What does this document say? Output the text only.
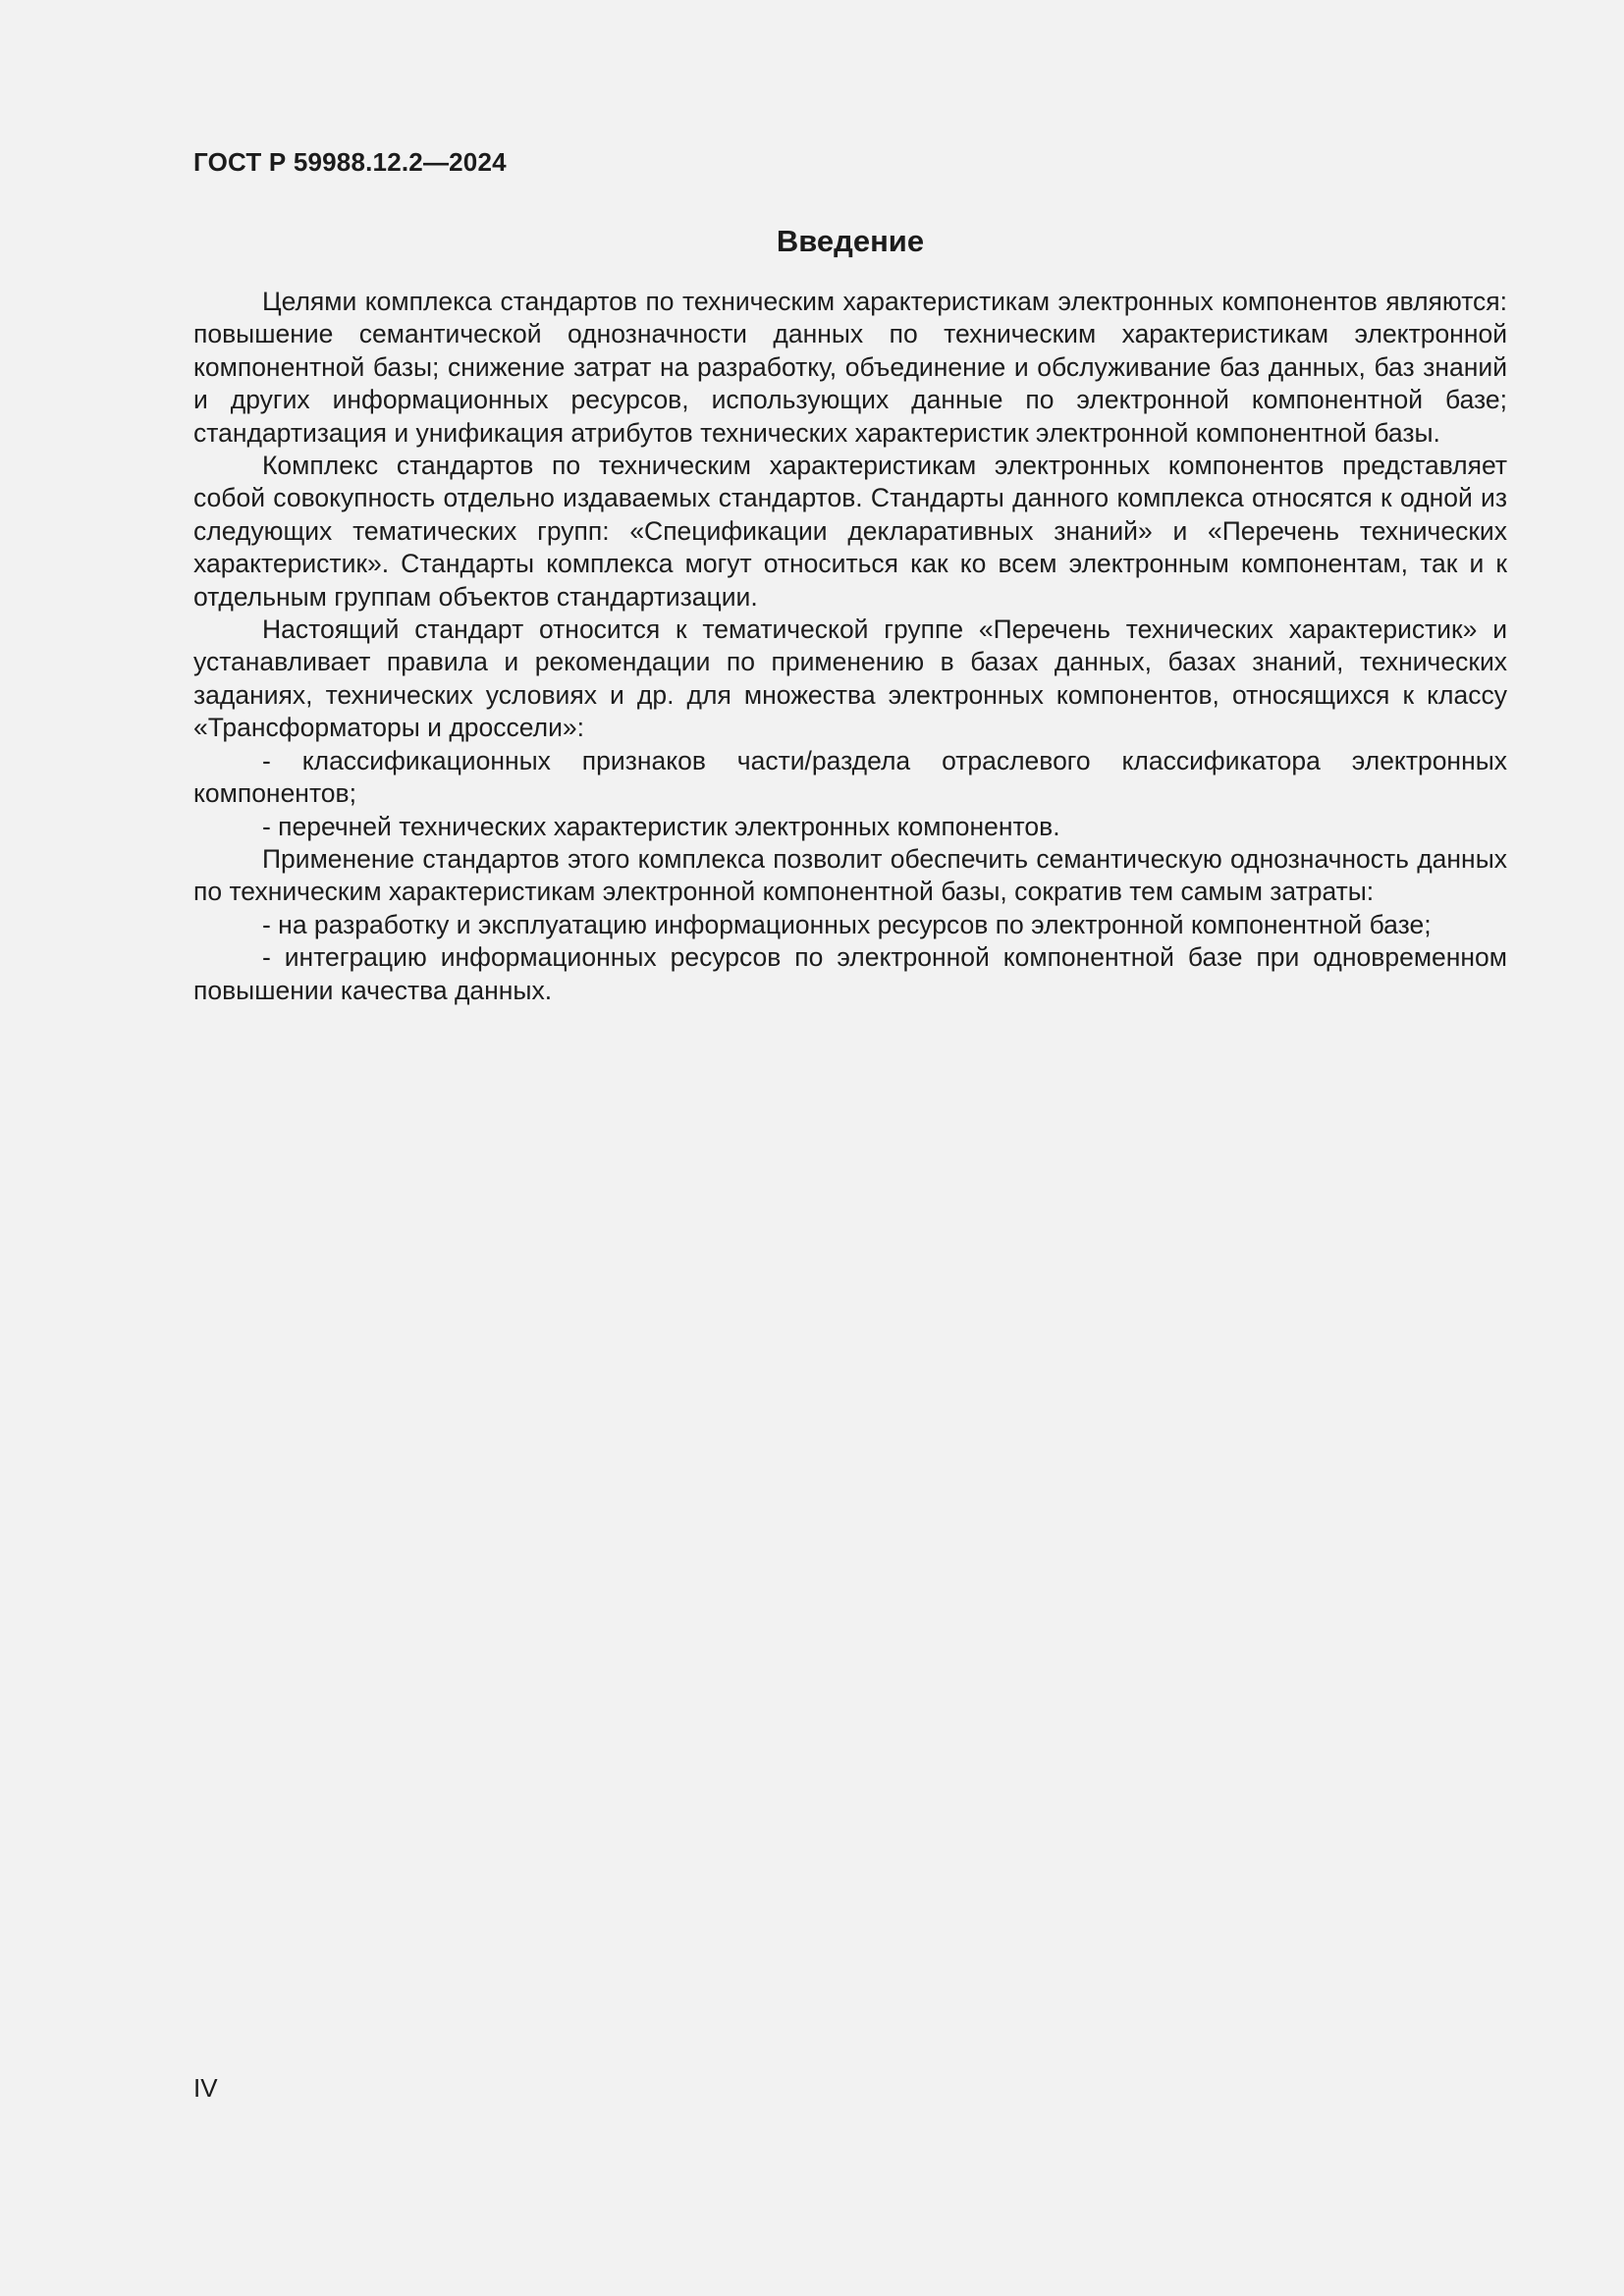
ГОСТ Р 59988.12.2—2024

Введение

Целями комплекса стандартов по техническим характеристикам электронных компонентов являются: повышение семантической однозначности данных по техническим характеристикам электронной компонентной базы; снижение затрат на разработку, объединение и обслуживание баз данных, баз знаний и других информационных ресурсов, использующих данные по электронной компонентной базе; стандартизация и унификация атрибутов технических характеристик электронной компонентной базы.

Комплекс стандартов по техническим характеристикам электронных компонентов представляет собой совокупность отдельно издаваемых стандартов. Стандарты данного комплекса относятся к одной из следующих тематических групп: «Спецификации декларативных знаний» и «Перечень технических характеристик». Стандарты комплекса могут относиться как ко всем электронным компонентам, так и к отдельным группам объектов стандартизации.

Настоящий стандарт относится к тематической группе «Перечень технических характеристик» и устанавливает правила и рекомендации по применению в базах данных, базах знаний, технических заданиях, технических условиях и др. для множества электронных компонентов, относящихся к классу «Трансформаторы и дроссели»:

- классификационных признаков части/раздела отраслевого классификатора электронных компонентов;

- перечней технических характеристик электронных компонентов.

Применение стандартов этого комплекса позволит обеспечить семантическую однозначность данных по техническим характеристикам электронной компонентной базы, сократив тем самым затраты:

- на разработку и эксплуатацию информационных ресурсов по электронной компонентной базе;

- интеграцию информационных ресурсов по электронной компонентной базе при одновременном повышении качества данных.

IV
